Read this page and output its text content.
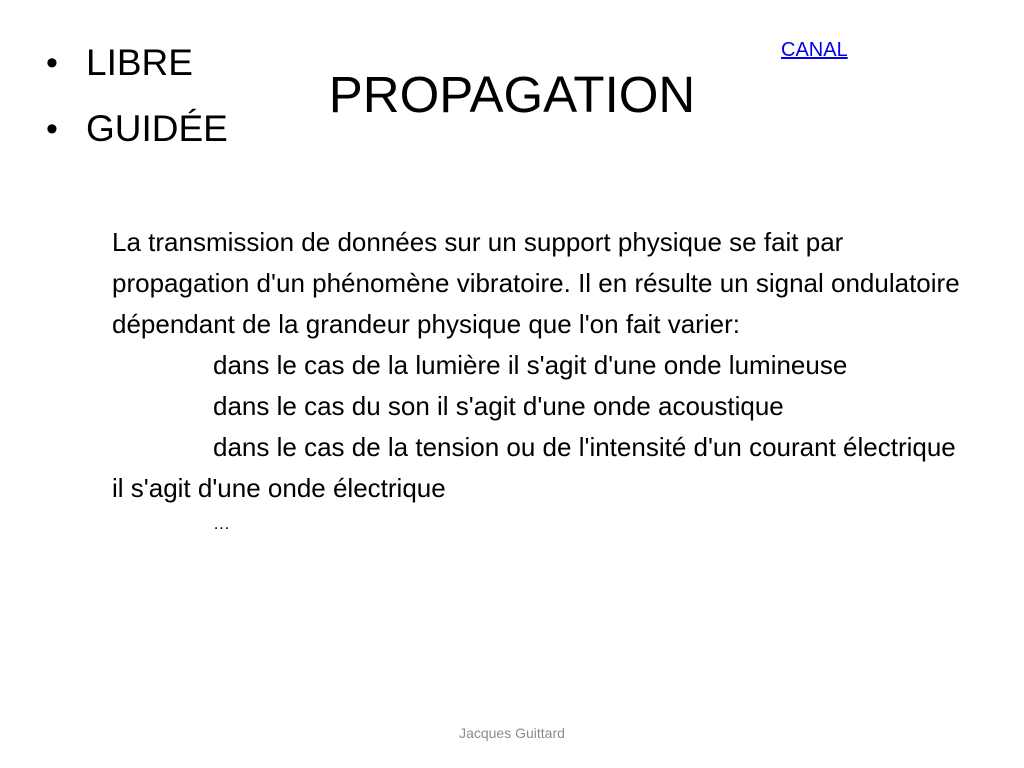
• LIBRE
• GUIDÉE
PROPAGATION
CANAL

La transmission de données sur un support physique se fait par propagation d'un phénomène vibratoire. Il en résulte un signal ondulatoire dépendant de la grandeur physique que l'on fait varier:

dans le cas de la lumière il s'agit d'une onde lumineuse

dans le cas du son il s'agit d'une onde acoustique

dans le cas de la tension ou de l'intensité d'un courant électrique il s'agit d'une onde électrique

…

Jacques Guittard
